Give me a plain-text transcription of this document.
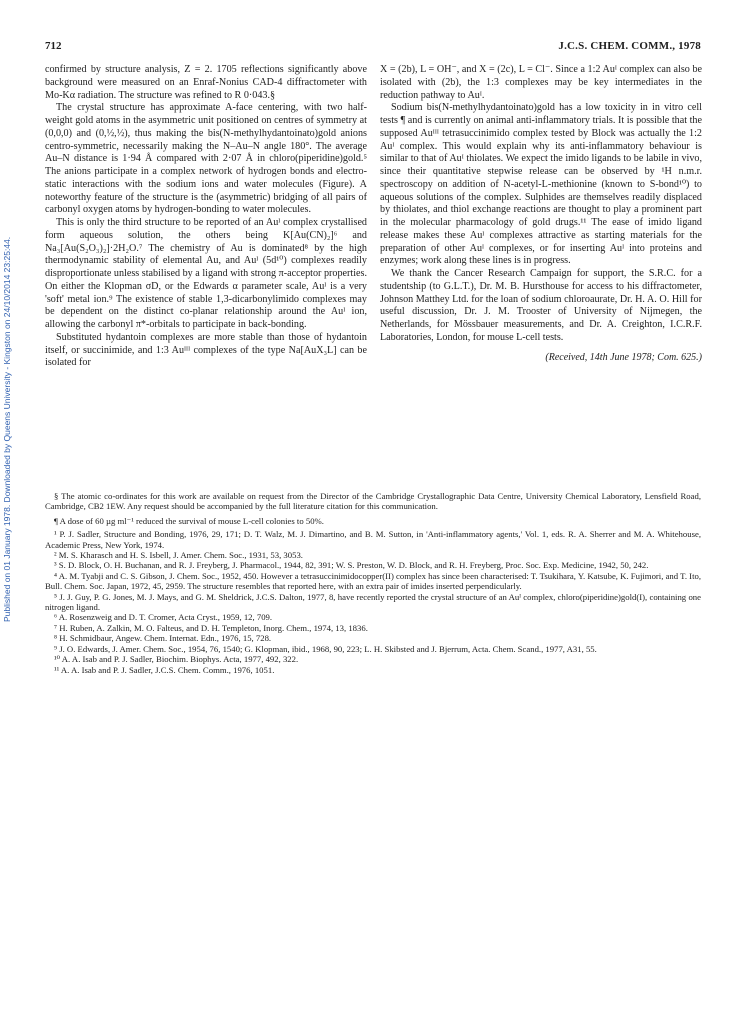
712	J.C.S. CHEM. COMM., 1978
Published on 01 January 1978. Downloaded by Queens University - Kingston on 24/10/2014 23:25:44.

confirmed by structure analysis, Z = 2. 1705 reflections significantly above background were measured on an Enraf-Nonius CAD-4 diffractometer with Mo-Kα radiation. The structure was refined to R 0·043.§

The crystal structure has approximate A-face centering, with two half-weight gold atoms in the asymmetric unit positioned on centres of symmetry at (0,0,0) and (0,½,½), thus making the bis(N-methylhydantoinato)gold anions centro-symmetric, necessarily making the N–Au–N angle 180°. The average Au–N distance is 1·94 Å compared with 2·07 Å in chloro(piperidine)gold.⁵ The anions participate in a complex network of hydrogen bonds and electro-static interactions with the sodium ions and water molecules (Figure). A noteworthy feature of the structure is the (asymmetric) bridging of all pairs of carbonyl oxygen atoms by hydrogen-bonding to water molecules.

This is only the third structure to be reported of an Auᴵ complex crystallised form aqueous solution, the others being K[Au(CN)₂]⁶ and Na₃[Au(S₂O₃)₂]·2H₂O.⁷ The chemistry of Au is dominated⁸ by the high thermodynamic stability of elemental Au, and Auᴵ (5d¹⁰) complexes readily disproportionate unless stabilised by a ligand with strong π-acceptor properties. On either the Klopman σD, or the Edwards α parameter scale, Auᴵ is a very 'soft' metal ion.⁹ The existence of stable 1,3-dicarbonylimido complexes may be dependent on the distinct co-planar relationship around the Auᴵ ion, allowing the carbonyl π*-orbitals to participate in back-bonding.

Substituted hydantoin complexes are more stable than those of hydantoin itself, or succinimide, and 1:3 Auᴵᴵᴵ complexes of the type Na[AuX₃L] can be isolated for

X = (2b), L = OH⁻, and X = (2c), L = Cl⁻. Since a 1:2 Auᴵ complex can also be isolated with (2b), the 1:3 complexes may be key intermediates in the reduction pathway to Auᴵ.

Sodium bis(N-methylhydantoinato)gold has a low toxicity in in vitro cell tests ¶ and is currently on animal anti-inflammatory trials. It is possible that the supposed Auᴵᴵᴵ tetrasuccinimido complex tested by Block was actually the 1:2 Auᴵ complex. This would explain why its anti-inflammatory behaviour is similar to that of Auᴵ thiolates. We expect the imido ligands to be labile in vivo, since their quantitative stepwise release can be observed by ¹H n.m.r. spectroscopy on addition of N-acetyl-L-methionine (known to S-bond¹⁰) to aqueous solutions of the complex. Sulphides are themselves readily displaced by thiolates, and thiol exchange reactions are thought to play a prominent part in the molecular pharmacology of gold drugs.¹¹ The ease of imido ligand release makes these Auᴵ complexes attractive as starting materials for the preparation of other Auᴵ complexes, or for inserting Auᴵ into proteins and enzymes; work along these lines is in progress.

We thank the Cancer Research Campaign for support, the S.R.C. for a studentship (to G.L.T.), Dr. M. B. Hursthouse for access to his diffractometer, Johnson Matthey Ltd. for the loan of sodium chloroaurate, Dr. H. A. O. Hill for useful discussion, Dr. J. M. Trooster of University of Nijmegen, the Netherlands, for Mössbauer measurements, and Dr. A. Creighton, I.C.R.F. Laboratories, London, for mouse L-cell tests.

(Received, 14th June 1978; Com. 625.)

§ The atomic co-ordinates for this work are available on request from the Director of the Cambridge Crystallographic Data Centre, University Chemical Laboratory, Lensfield Road, Cambridge, CB2 1EW. Any request should be accompanied by the full literature citation for this communication.

¶ A dose of 60 µg ml⁻¹ reduced the survival of mouse L-cell colonies to 50%.

¹ P. J. Sadler, Structure and Bonding, 1976, 29, 171; D. T. Walz, M. J. Dimartino, and B. M. Sutton, in 'Anti-inflammatory agents,' Vol. 1, eds. R. A. Sherrer and M. A. Whitehouse, Academic Press, New York, 1974.

² M. S. Kharasch and H. S. Isbell, J. Amer. Chem. Soc., 1931, 53, 3053.

³ S. D. Block, O. H. Buchanan, and R. J. Freyberg, J. Pharmacol., 1944, 82, 391; W. S. Preston, W. D. Block, and R. H. Freyberg, Proc. Soc. Exp. Medicine, 1942, 50, 242.

⁴ A. M. Tyabji and C. S. Gibson, J. Chem. Soc., 1952, 450. However a tetrasuccinimidocopper(II) complex has since been characterised: T. Tsukihara, Y. Katsube, K. Fujimori, and T. Ito, Bull. Chem. Soc. Japan, 1972, 45, 2959. The structure resembles that reported here, with an extra pair of imides inserted perpendicularly.

⁵ J. J. Guy, P. G. Jones, M. J. Mays, and G. M. Sheldrick, J.C.S. Dalton, 1977, 8, have recently reported the crystal structure of an Auᴵ complex, chloro(piperidine)gold(I), containing one nitrogen ligand.

⁶ A. Rosenzweig and D. T. Cromer, Acta Cryst., 1959, 12, 709.

⁷ H. Ruben, A. Zalkin, M. O. Falteus, and D. H. Templeton, Inorg. Chem., 1974, 13, 1836.

⁸ H. Schmidbaur, Angew. Chem. Internat. Edn., 1976, 15, 728.

⁹ J. O. Edwards, J. Amer. Chem. Soc., 1954, 76, 1540; G. Klopman, ibid., 1968, 90, 223; L. H. Skibsted and J. Bjerrum, Acta. Chem. Scand., 1977, A31, 55.

¹⁰ A. A. Isab and P. J. Sadler, Biochim. Biophys. Acta, 1977, 492, 322.

¹¹ A. A. Isab and P. J. Sadler, J.C.S. Chem. Comm., 1976, 1051.
